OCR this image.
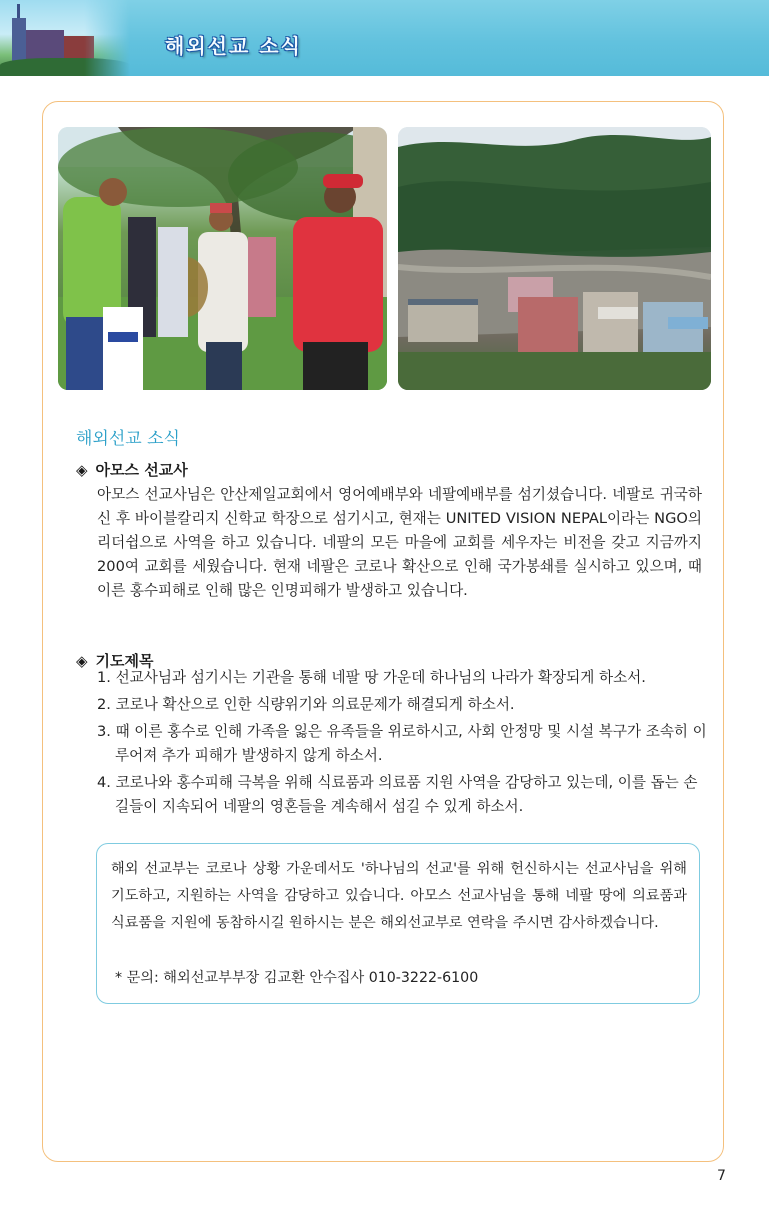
해외선교 소식
해외선교 소식
◈ 아모스 선교사
아모스 선교사님은 안산제일교회에서 영어예배부와 네팔예배부를 섬기셨습니다. 네팔로 귀국하신 후 바이블칼리지 신학교 학장으로 섬기시고, 현재는 UNITED VISION NEPAL이라는 NGO의 리더쉽으로 사역을 하고 있습니다. 네팔의 모든 마을에 교회를 세우자는 비전을 갖고 지금까지 200여 교회를 세웠습니다. 현재 네팔은 코로나 확산으로 인해 국가봉쇄를 실시하고 있으며, 때 이른 홍수피해로 인해 많은 인명피해가 발생하고 있습니다.
◈ 기도제목
1. 선교사님과 섬기시는 기관을 통해 네팔 땅 가운데 하나님의 나라가 확장되게 하소서.
2. 코로나 확산으로 인한 식량위기와 의료문제가 해결되게 하소서.
3. 때 이른 홍수로 인해 가족을 잃은 유족들을 위로하시고, 사회 안정망 및 시설 복구가 조속히 이루어져 추가 피해가 발생하지 않게 하소서.
4. 코로나와 홍수피해 극복을 위해 식료품과 의료품 지원 사역을 감당하고 있는데, 이를 돕는 손길들이 지속되어 네팔의 영혼들을 계속해서 섬길 수 있게 하소서.
해외 선교부는 코로나 상황 가운데서도 '하나님의 선교'를 위해 헌신하시는 선교사님을 위해 기도하고, 지원하는 사역을 감당하고 있습니다. 아모스 선교사님을 통해 네팔 땅에 의료품과 식료품을 지원에 동참하시길 원하시는 분은 해외선교부로 연락을 주시면 감사하겠습니다.
* 문의: 해외선교부부장 김교환 안수집사 010-3222-6100
7
